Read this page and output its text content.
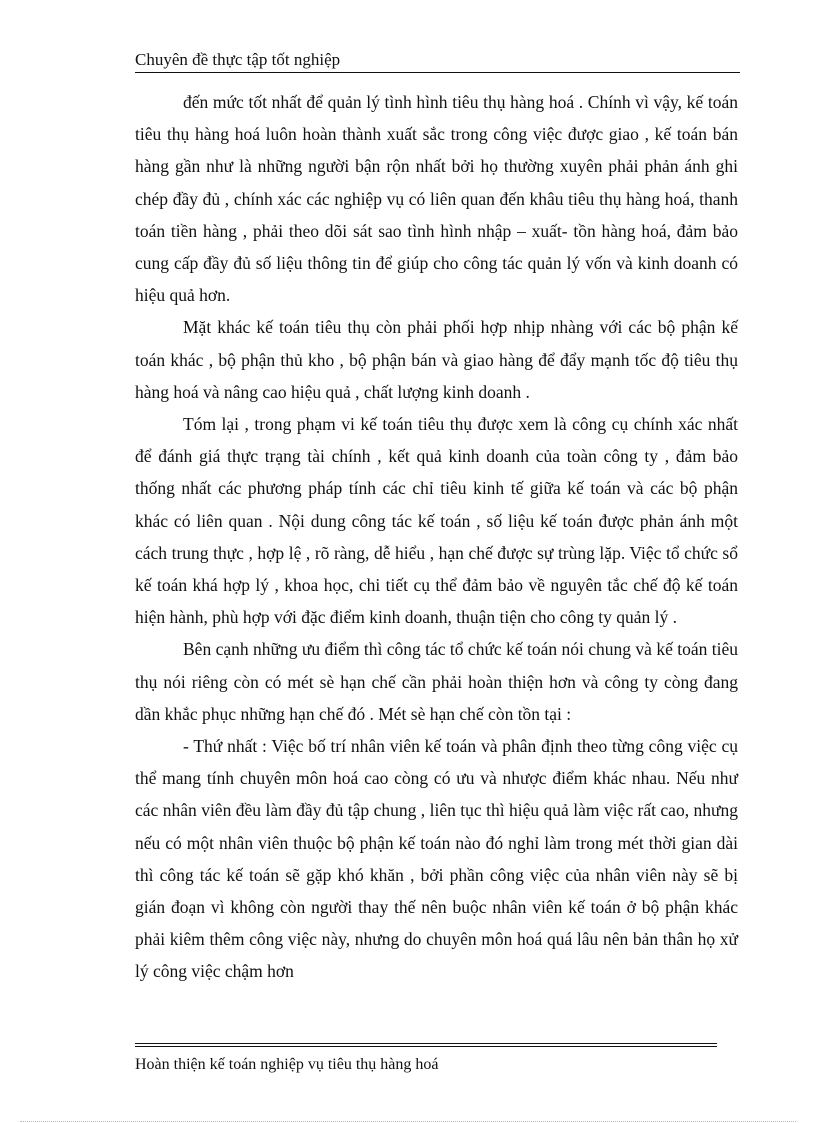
Chuyên đề thực tập tốt nghiệp

đến mức tốt nhất để quản lý tình hình tiêu thụ hàng hoá . Chính vì vậy, kế toán tiêu thụ hàng hoá luôn hoàn thành xuất sắc trong công việc được giao , kế toán bán hàng gần như là những người bận rộn nhất bởi họ thường xuyên phải phản ánh ghi chép đầy đủ , chính xác các nghiệp vụ có liên quan đến khâu tiêu thụ hàng hoá, thanh toán tiền hàng , phải theo dõi sát sao tình hình nhập – xuất- tồn hàng hoá, đảm bảo cung cấp đầy đủ số liệu thông tin để giúp cho công tác quản lý vốn và kinh doanh có hiệu quả hơn.

Mặt khác kế toán tiêu thụ còn phải phối hợp nhịp nhàng với các bộ phận kế toán khác , bộ phận thủ kho , bộ phận bán và giao hàng để đẩy mạnh tốc độ tiêu thụ hàng hoá và nâng cao hiệu quả , chất lượng kinh doanh .

Tóm lại , trong phạm vi kế toán tiêu thụ được xem là công cụ chính xác nhất để đánh giá thực trạng tài chính , kết quả kinh doanh của toàn công ty , đảm bảo thống nhất các phương pháp tính các chỉ tiêu kinh tế giữa kế toán và các bộ phận khác có liên quan . Nội dung công tác kế toán , số liệu kế toán được phản ánh một cách trung thực , hợp lệ , rõ ràng, dễ hiểu , hạn chế được sự trùng lặp. Việc tổ chức sổ kế toán khá hợp lý , khoa học, chi tiết cụ thể đảm bảo về nguyên tắc chế độ kế toán hiện hành, phù hợp với đặc điểm kinh doanh, thuận tiện cho công ty quản lý .

Bên cạnh những ưu điểm thì công tác tổ chức kế toán nói chung và kế toán tiêu thụ nói riêng còn có mét sè hạn chế cần phải hoàn thiện hơn và công ty còng đang dần khắc phục những hạn chế đó . Mét sè hạn chế còn tồn tại :

- Thứ nhất : Việc bố trí nhân viên kế toán và phân định theo từng công việc cụ thể mang tính chuyên môn hoá cao còng có ưu và nhược điểm khác nhau. Nếu như các nhân viên đều làm đầy đủ tập chung , liên tục thì hiệu quả làm việc rất cao, nhưng nếu có một nhân viên thuộc bộ phận kế toán nào đó nghỉ làm trong mét thời gian dài thì công tác kế toán sẽ gặp khó khăn , bởi phần công việc của nhân viên này sẽ bị gián đoạn vì không còn người thay thế nên buộc nhân viên kế toán ở bộ phận khác phải kiêm thêm công việc này, nhưng do chuyên môn hoá quá lâu nên bản thân họ xử lý công việc chậm hơn

Hoàn thiện kế toán nghiệp vụ tiêu thụ hàng hoá
